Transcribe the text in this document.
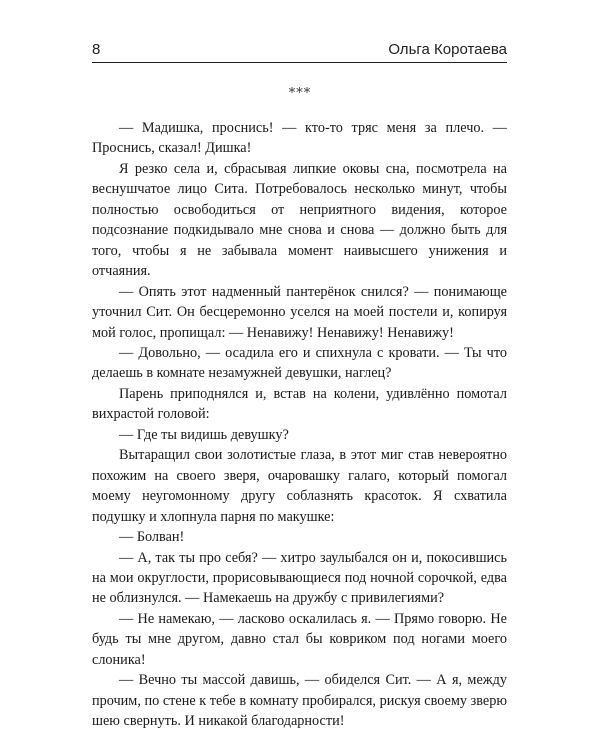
8	Ольга Коротаева
***

— Мадишка, проснись! — кто-то тряс меня за плечо. — Проснись, сказал! Дишка!

Я резко села и, сбрасывая липкие оковы сна, посмотрела на веснушчатое лицо Сита. Потребовалось несколько минут, чтобы полностью освободиться от неприятного видения, которое подсознание подкидывало мне снова и снова — должно быть для того, чтобы я не забывала момент наивысшего унижения и отчаяния.

— Опять этот надменный пантерёнок снился? — понимающе уточнил Сит. Он бесцеремонно уселся на моей постели и, копируя мой голос, пропищал: — Ненавижу! Ненавижу! Ненавижу!

— Довольно, — осадила его и спихнула с кровати. — Ты что делаешь в комнате незамужней девушки, наглец?

Парень приподнялся и, встав на колени, удивлённо помотал вихрастой головой:

— Где ты видишь девушку?

Вытаращил свои золотистые глаза, в этот миг став невероятно похожим на своего зверя, очаровашку галаго, который помогал моему неугомонному другу соблазнять красоток. Я схватила подушку и хлопнула парня по макушке:

— Болван!

— А, так ты про себя? — хитро заулыбался он и, покосившись на мои округлости, прорисовывающиеся под ночной сорочкой, едва не облизнулся. — Намекаешь на дружбу с привилегиями?

— Не намекаю, — ласково оскалилась я. — Прямо говорю. Не будь ты мне другом, давно стал бы ковриком под ногами моего слоника!

— Вечно ты массой давишь, — обиделся Сит. — А я, между прочим, по стене к тебе в комнату пробирался, рискуя своему зверю шею свернуть. И никакой благодарности!
